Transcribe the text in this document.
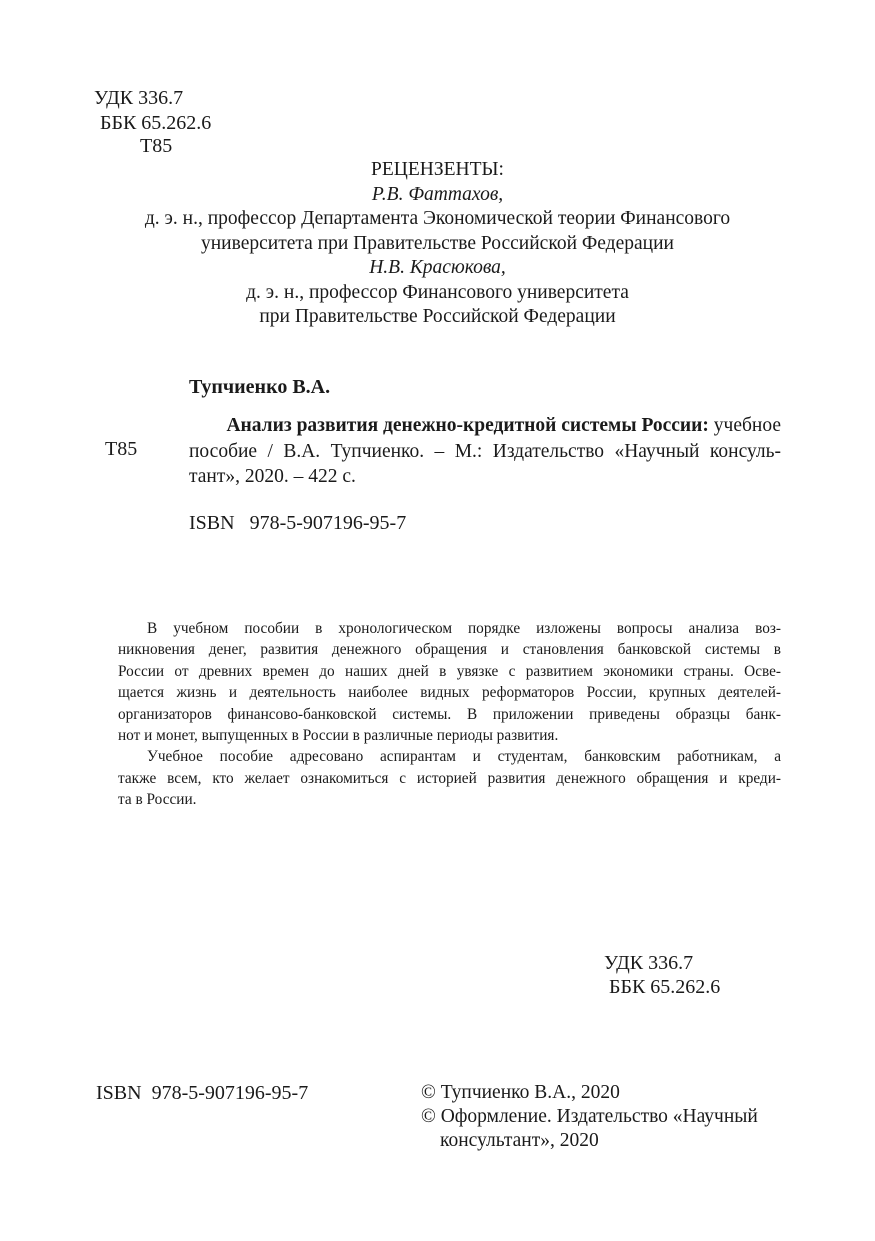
УДК 336.7
ББК 65.262.6
Т85
РЕЦЕНЗЕНТЫ:
Р.В. Фаттахов,
д. э. н., профессор Департамента Экономической теории Финансового
университета при Правительстве Российской Федерации
Н.В. Красюкова,
д. э. н., профессор Финансового университета
при Правительстве Российской Федерации
Тупчиенко В.А.
Т85
Анализ развития денежно-кредитной системы России: учебное
пособие / В.А. Тупчиенко. – М.: Издательство «Научный консуль-
тант», 2020. – 422 с.
ISBN   978-5-907196-95-7
В учебном пособии в хронологическом порядке изложены вопросы анализа воз-
никновения денег, развития денежного обращения и становления банковской системы в
России от древних времен до наших дней в увязке с развитием экономики страны. Осве-
щается жизнь и деятельность наиболее видных реформаторов России, крупных деятелей-
организаторов финансово-банковской системы. В приложении приведены образцы банк-
нот и монет, выпущенных в России в различные периоды развития.
Учебное пособие адресовано аспирантам и студентам, банковским работникам, а
также всем, кто желает ознакомиться с историей развития денежного обращения и креди-
та в России.
УДК 336.7
ББК 65.262.6
ISBN  978-5-907196-95-7	© Тупчиенко В.А., 2020
© Оформление. Издательство «Научный
консультант», 2020
